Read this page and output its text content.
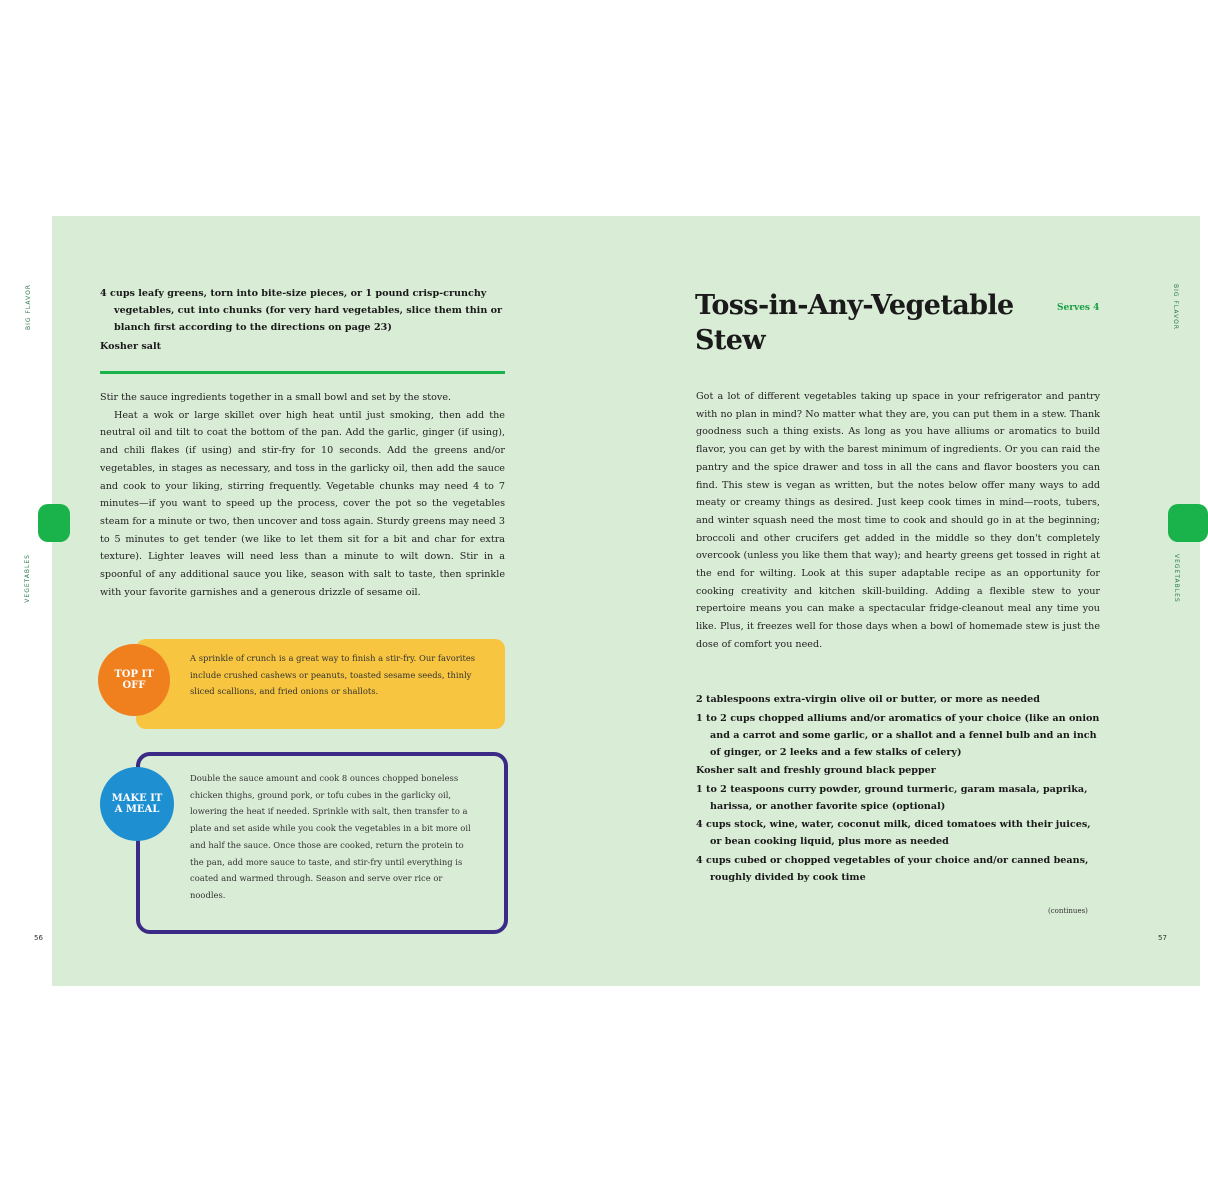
BIG FLAVOR
VEGETABLES

4 cups leafy greens, torn into bite-size pieces, or 1 pound crisp-crunchy vegetables, cut into chunks (for very hard vegetables, slice them thin or blanch first according to the directions on page 23)

Kosher salt

Stir the sauce ingredients together in a small bowl and set by the stove.

Heat a wok or large skillet over high heat until just smoking, then add the neutral oil and tilt to coat the bottom of the pan. Add the garlic, ginger (if using), and chili flakes (if using) and stir-fry for 10 seconds. Add the greens and/or vegetables, in stages as necessary, and toss in the garlicky oil, then add the sauce and cook to your liking, stirring frequently. Vegetable chunks may need 4 to 7 minutes—if you want to speed up the process, cover the pot so the vegetables steam for a minute or two, then uncover and toss again. Sturdy greens may need 3 to 5 minutes to get tender (we like to let them sit for a bit and char for extra texture). Lighter leaves will need less than a minute to wilt down. Stir in a spoonful of any additional sauce you like, season with salt to taste, then sprinkle with your favorite garnishes and a generous drizzle of sesame oil.

A sprinkle of crunch is a great way to finish a stir-fry. Our favorites include crushed cashews or peanuts, toasted sesame seeds, thinly sliced scallions, and fried onions or shallots.
TOP IT OFF
Double the sauce amount and cook 8 ounces chopped boneless chicken thighs, ground pork, or tofu cubes in the garlicky oil, lowering the heat if needed. Sprinkle with salt, then transfer to a plate and set aside while you cook the vegetables in a bit more oil and half the sauce. Once those are cooked, return the protein to the pan, add more sauce to taste, and stir-fry until everything is coated and warmed through. Season and serve over rice or noodles.
MAKE IT A MEAL
56
Toss-in-Any-Vegetable Stew
Serves 4
Got a lot of different vegetables taking up space in your refrigerator and pantry with no plan in mind? No matter what they are, you can put them in a stew. Thank goodness such a thing exists. As long as you have alliums or aromatics to build flavor, you can get by with the barest minimum of ingredients. Or you can raid the pantry and the spice drawer and toss in all the cans and flavor boosters you can find. This stew is vegan as written, but the notes below offer many ways to add meaty or creamy things as desired. Just keep cook times in mind—roots, tubers, and winter squash need the most time to cook and should go in at the beginning; broccoli and other crucifers get added in the middle so they don't completely overcook (unless you like them that way); and hearty greens get tossed in right at the end for wilting. Look at this super adaptable recipe as an opportunity for cooking creativity and kitchen skill-building. Adding a flexible stew to your repertoire means you can make a spectacular fridge-cleanout meal any time you like. Plus, it freezes well for those days when a bowl of homemade stew is just the dose of comfort you need.

2 tablespoons extra-virgin olive oil or butter, or more as needed

1 to 2 cups chopped alliums and/or aromatics of your choice (like an onion and a carrot and some garlic, or a shallot and a fennel bulb and an inch of ginger, or 2 leeks and a few stalks of celery)

Kosher salt and freshly ground black pepper

1 to 2 teaspoons curry powder, ground turmeric, garam masala, paprika, harissa, or another favorite spice (optional)

4 cups stock, wine, water, coconut milk, diced tomatoes with their juices, or bean cooking liquid, plus more as needed

4 cups cubed or chopped vegetables of your choice and/or canned beans, roughly divided by cook time

(continues)
BIG FLAVOR
VEGETABLES
57
